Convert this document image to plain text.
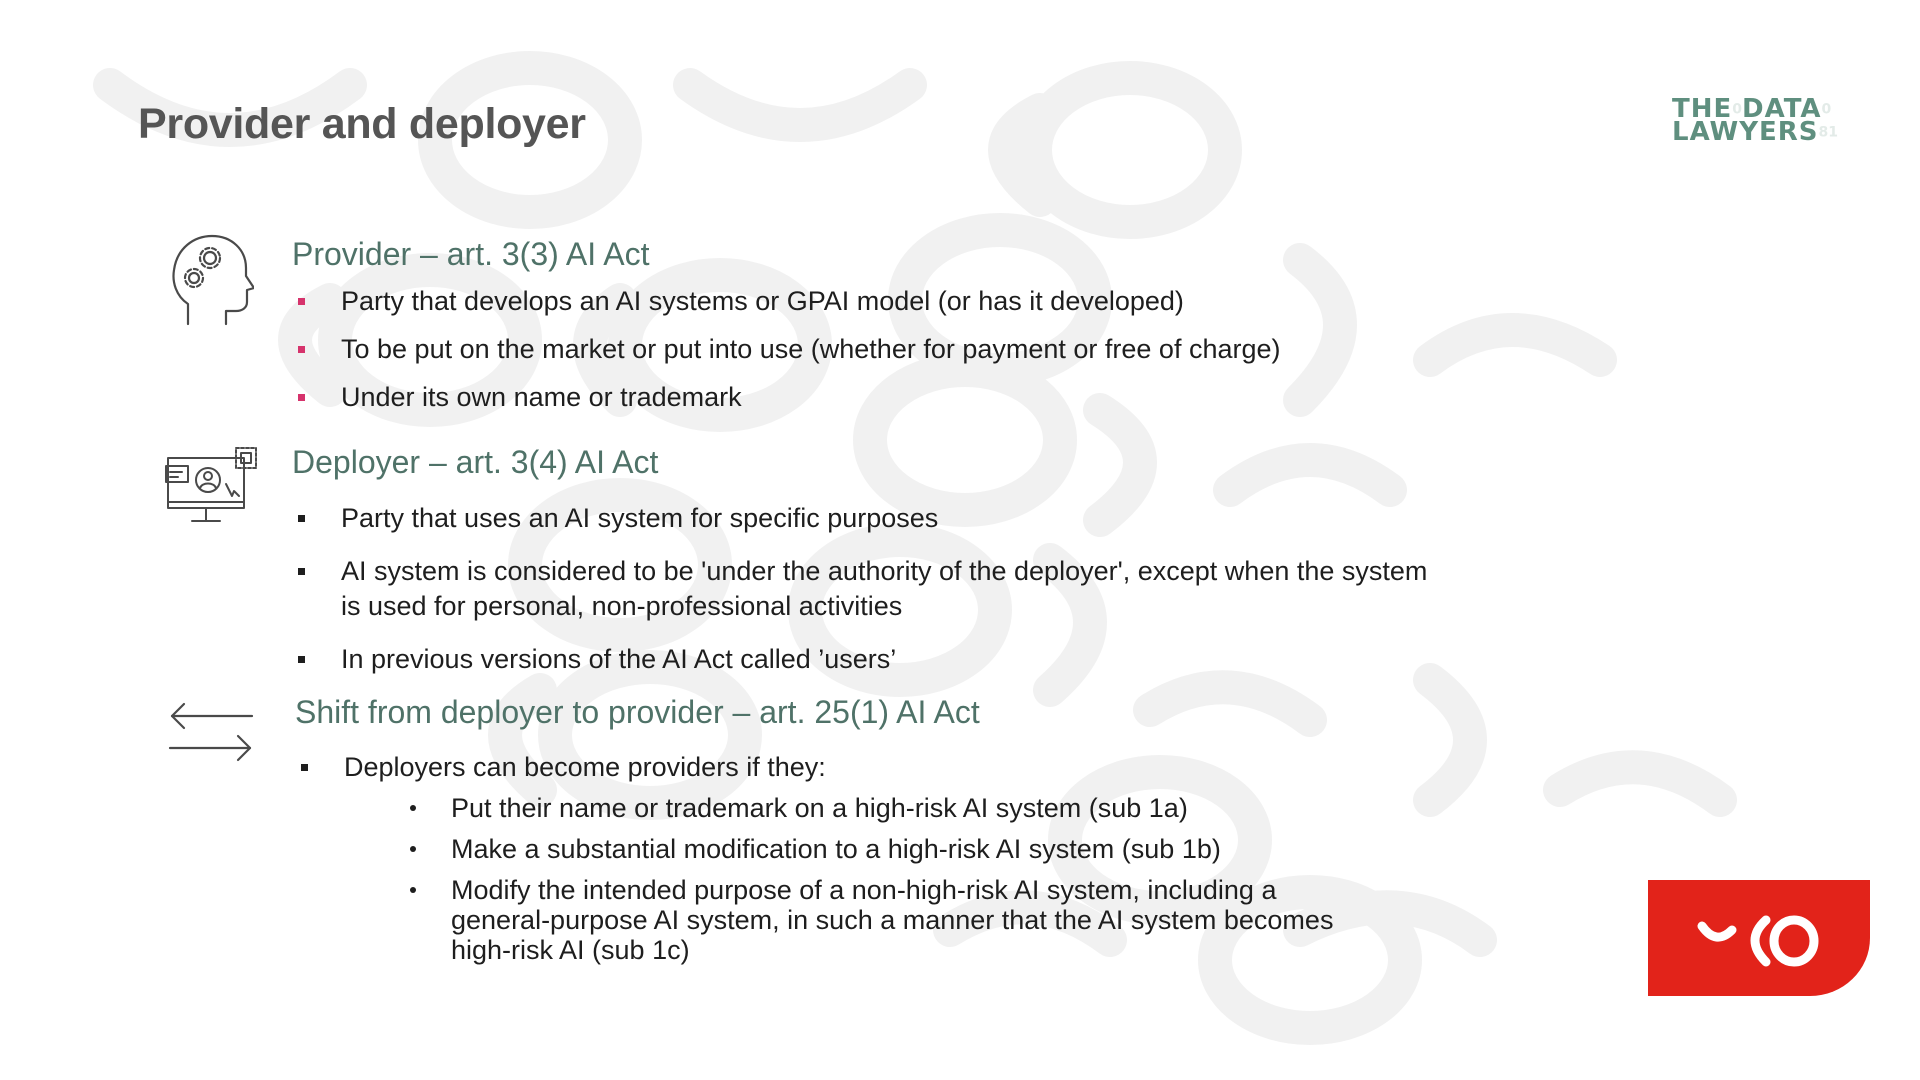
Provider and deployer	THE0DATA0
LAWYERS81
Provider – art. 3(3) AI Act
Party that develops an AI systems or GPAI model (or has it developed)
To be put on the market or put into use (whether for payment or free of charge)
Under its own name or trademark
Deployer – art. 3(4) AI Act
Party that uses an AI system for specific purposes
AI system is considered to be 'under the authority of the deployer', except when the system is used for personal, non-professional activities
In previous versions of the AI Act called ’users’
Shift from deployer to provider – art. 25(1) AI Act
Deployers can become providers if they:
Put their name or trademark on a high-risk AI system (sub 1a)
Make a substantial modification to a high-risk AI system (sub 1b)
Modify the intended purpose of a non-high-risk AI system, including a general-purpose AI system, in such a manner that the AI system becomes high-risk AI (sub 1c)
